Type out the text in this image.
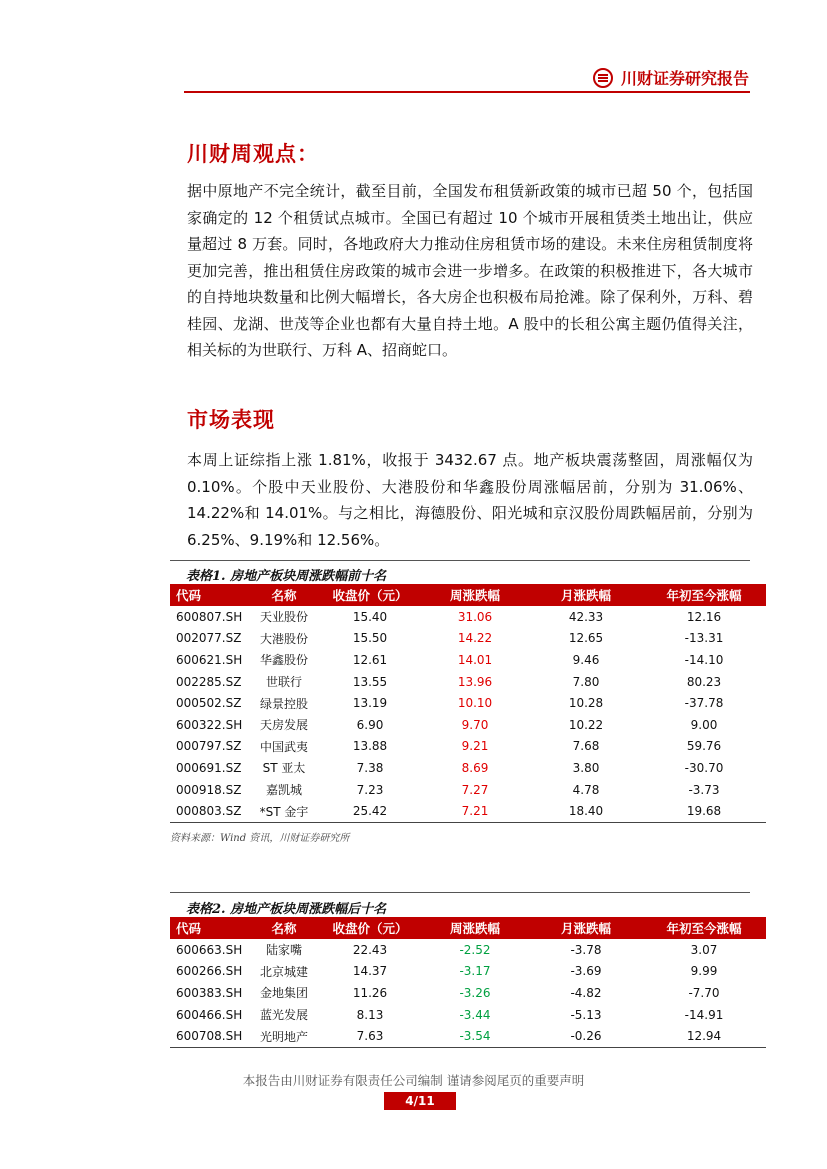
川财证券研究报告
川财周观点：
据中原地产不完全统计，截至目前，全国发布租赁新政策的城市已超 50 个，包括国家确定的 12 个租赁试点城市。全国已有超过 10 个城市开展租赁类土地出让，供应量超过 8 万套。同时，各地政府大力推动住房租赁市场的建设。未来住房租赁制度将更加完善，推出租赁住房政策的城市会进一步增多。在政策的积极推进下，各大城市的自持地块数量和比例大幅增长，各大房企也积极布局抢滩。除了保利外，万科、碧桂园、龙湖、世茂等企业也都有大量自持土地。A 股中的长租公寓主题仍值得关注，相关标的为世联行、万科 A、招商蛇口。
市场表现
本周上证综指上涨 1.81%，收报于 3432.67 点。地产板块震荡整固，周涨幅仅为 0.10%。个股中天业股份、大港股份和华鑫股份周涨幅居前，分别为 31.06%、14.22%和 14.01%。与之相比，海德股份、阳光城和京汉股份周跌幅居前，分别为 6.25%、9.19%和 12.56%。
表格1. 房地产板块周涨跌幅前十名
代码	名称	收盘价（元）	周涨跌幅	月涨跌幅	年初至今涨幅
600807.SH	天业股份	15.40	31.06	42.33	12.16
002077.SZ	大港股份	15.50	14.22	12.65	-13.31
600621.SH	华鑫股份	12.61	14.01	9.46	-14.10
002285.SZ	世联行	13.55	13.96	7.80	80.23
000502.SZ	绿景控股	13.19	10.10	10.28	-37.78
600322.SH	天房发展	6.90	9.70	10.22	9.00
000797.SZ	中国武夷	13.88	9.21	7.68	59.76
000691.SZ	ST 亚太	7.38	8.69	3.80	-30.70
000918.SZ	嘉凯城	7.23	7.27	4.78	-3.73
000803.SZ	*ST 金宇	25.42	7.21	18.40	19.68
资料来源：Wind 资讯，川财证券研究所
表格2. 房地产板块周涨跌幅后十名
代码	名称	收盘价（元）	周涨跌幅	月涨跌幅	年初至今涨幅
600663.SH	陆家嘴	22.43	-2.52	-3.78	3.07
600266.SH	北京城建	14.37	-3.17	-3.69	9.99
600383.SH	金地集团	11.26	-3.26	-4.82	-7.70
600466.SH	蓝光发展	8.13	-3.44	-5.13	-14.91
600708.SH	光明地产	7.63	-3.54	-0.26	12.94
本报告由川财证券有限责任公司编制 谨请参阅尾页的重要声明
4/11
